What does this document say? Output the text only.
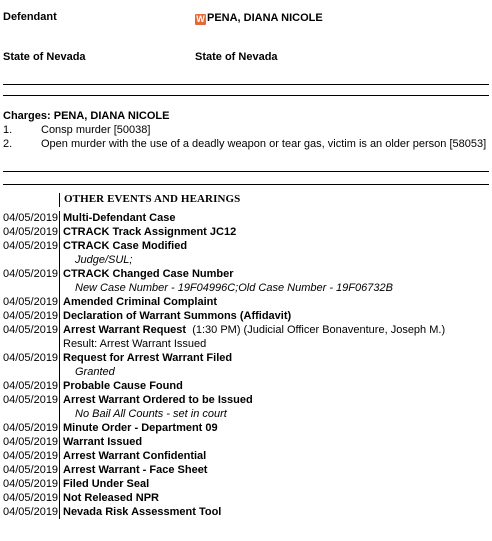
Defendant	W PENA, DIANA NICOLE
State of Nevada	State of Nevada
Charges: PENA, DIANA NICOLE
1.	Consp murder [50038]
2.	Open murder with the use of a deadly weapon or tear gas, victim is an older person [58053]
OTHER EVENTS AND HEARINGS
04/05/2019 Multi-Defendant Case
04/05/2019 CTRACK Track Assignment JC12
04/05/2019 CTRACK Case Modified
Judge/SUL;
04/05/2019 CTRACK Changed Case Number
New Case Number - 19F04996C;Old Case Number - 19F06732B
04/05/2019 Amended Criminal Complaint
04/05/2019 Declaration of Warrant Summons (Affidavit)
04/05/2019 Arrest Warrant Request (1:30 PM) (Judicial Officer Bonaventure, Joseph M.)
Result: Arrest Warrant Issued
04/05/2019 Request for Arrest Warrant Filed
Granted
04/05/2019 Probable Cause Found
04/05/2019 Arrest Warrant Ordered to be Issued
No Bail All Counts - set in court
04/05/2019 Minute Order - Department 09
04/05/2019 Warrant Issued
04/05/2019 Arrest Warrant Confidential
04/05/2019 Arrest Warrant - Face Sheet
04/05/2019 Filed Under Seal
04/05/2019 Not Released NPR
04/05/2019 Nevada Risk Assessment Tool
